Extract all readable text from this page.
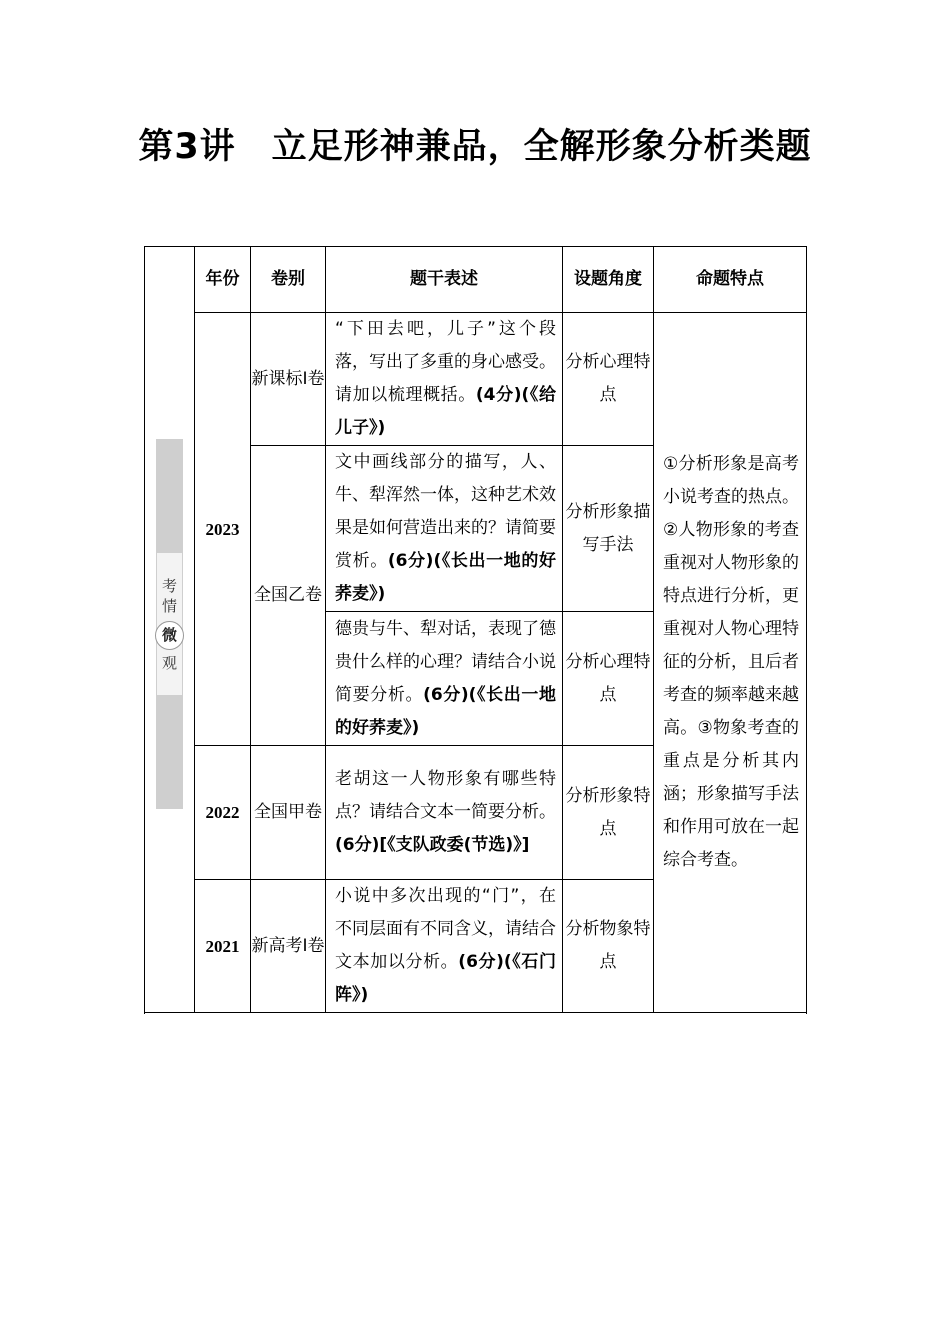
第3讲　立足形神兼品，全解形象分析类题
考
情
微
观	年份	卷别	题干表述	设题角度	命题特点
	2023	新课标Ⅰ卷	“下田去吧，儿子”这个段落，写出了多重的身心感受。请加以梳理概括。(4分)(《给儿子》)	分析心理特点	①分析形象是高考小说考查的热点。②人物形象的考查重视对人物形象的特点进行分析，更重视对人物心理特征的分析，且后者考查的频率越来越高。③物象考查的重点是分析其内涵；形象描写手法和作用可放在一起综合考查。
		全国乙卷	文中画线部分的描写，人、牛、犁浑然一体，这种艺术效果是如何营造出来的？请简要赏析。(6分)(《长出一地的好荞麦》)	分析形象描写手法	
			德贵与牛、犁对话，表现了德贵什么样的心理？请结合小说简要分析。(6分)(《长出一地的好荞麦》)	分析心理特点	
	2022	全国甲卷	老胡这一人物形象有哪些特点？请结合文本一简要分析。(6分)[《支队政委(节选)》]	分析形象特点	
	2021	新高考Ⅰ卷	小说中多次出现的“门”，在不同层面有不同含义，请结合文本加以分析。(6分)(《石门阵》)	分析物象特点	
